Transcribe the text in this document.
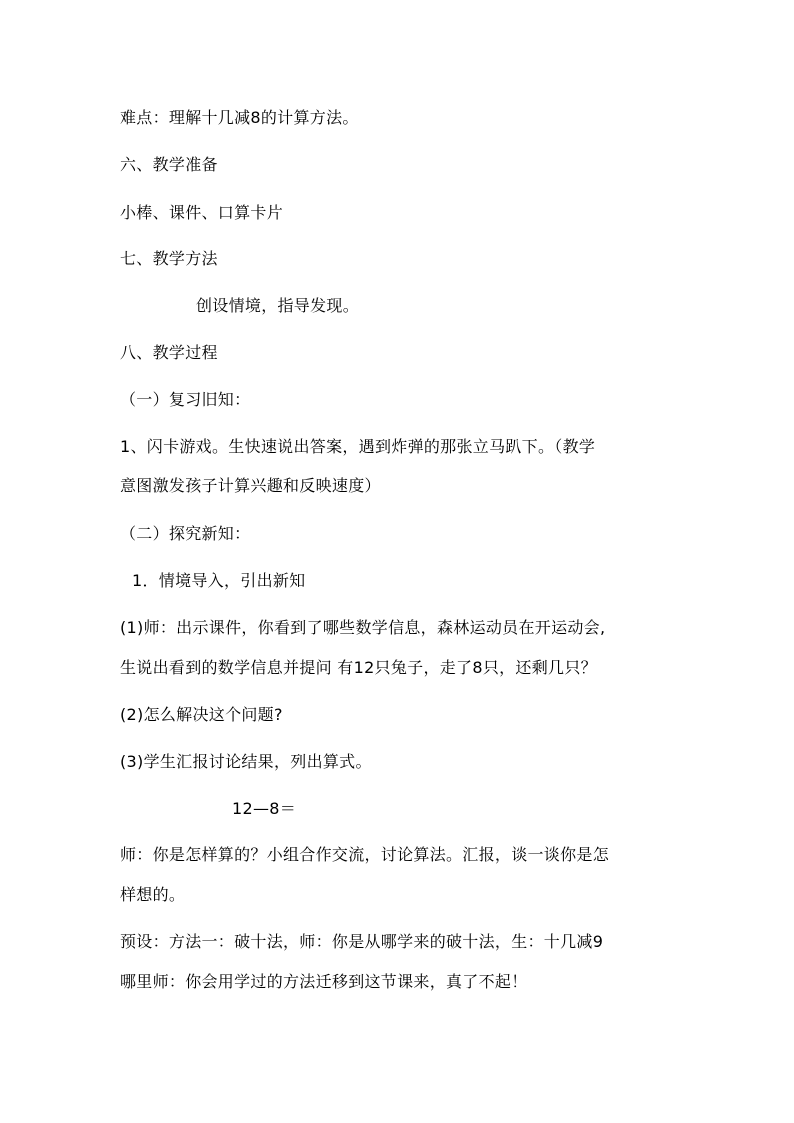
难点：理解十几减8的计算方法。
六、教学准备
小棒、课件、口算卡片
七、教学方法
创设情境，指导发现。
八、教学过程
（一）复习旧知：
1、闪卡游戏。生快速说出答案，遇到炸弹的那张立马趴下。（教学
意图激发孩子计算兴趣和反映速度）
（二）探究新知：
1．情境导入，引出新知
(1)师：出示课件，你看到了哪些数学信息，森林运动员在开运动会,
生说出看到的数学信息并提问 有12只兔子，走了8只，还剩几只？
(2)怎么解决这个问题?
(3)学生汇报讨论结果，列出算式。
12—8＝
师：你是怎样算的？小组合作交流，讨论算法。汇报，谈一谈你是怎
样想的。
预设：方法一：破十法，师：你是从哪学来的破十法，生：十几减9
哪里师：你会用学过的方法迁移到这节课来，真了不起！
